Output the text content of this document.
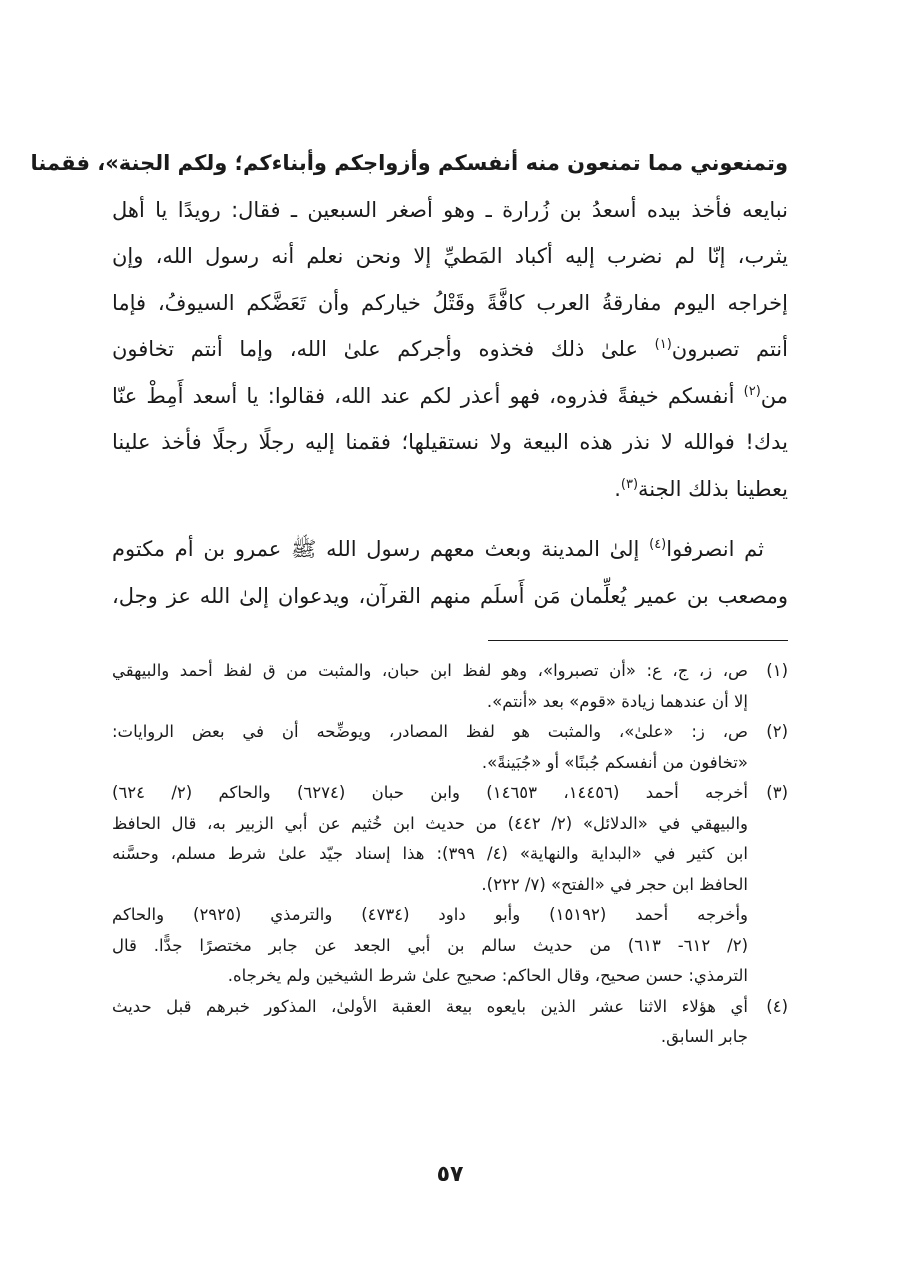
وتمنعوني مما تمنعون منه أنفسكم وأزواجكم وأبناءكم؛ ولكم الجنة»، فقمنا
نبايعه فأخذ بيده أسعدُ بن زُرارة ـ وهو أصغر السبعين ـ فقال: رويدًا يا أهل
يثرب، إنّا لم نضرب إليه أكباد المَطيِّ إلا ونحن نعلم أنه رسول الله، وإن
إخراجه اليوم مفارقةُ العرب كافَّةً وقَتْلُ خياركم وأن تَعَضَّكم السيوفُ، فإما
أنتم تصبرون$^{(١)}$ علىٰ ذلك فخذوه وأجركم علىٰ الله، وإما أنتم تخافون
من$^{(٢)}$ أنفسكم خيفةً فذروه، فهو أعذر لكم عند الله، فقالوا: يا أسعد أَمِطْ عنّا
يدك! فوالله لا نذر هذه البيعة ولا نستقيلها؛ فقمنا إليه رجلًا رجلًا فأخذ علينا
يعطينا بذلك الجنة$^{(٣)}$.
ثم انصرفوا$^{(٤)}$ إلىٰ المدينة وبعث معهم رسول الله ﷺ عمرو بن أم مكتوم
ومصعب بن عمير يُعلِّمان مَن أَسلَم منهم القرآن، ويدعوان إلىٰ الله عز وجل،
(١)
ص، ز، ج، ع: «أن تصبروا»، وهو لفظ ابن حبان، والمثبت من ق لفظ أحمد والبيهقي
إلا أن عندهما زيادة «قوم» بعد «أنتم».
(٢)
ص، ز: «علىٰ»، والمثبت هو لفظ المصادر، ويوضِّحه أن في بعض الروايات:
«تخافون من أنفسكم جُبنًا» أو «جُبَينةً».
(٣)
أخرجه أحمد (١٤٤٥٦، ١٤٦٥٣) وابن حبان (٦٢٧٤) والحاكم (٢/ ٦٢٤)
والبيهقي في «الدلائل» (٢/ ٤٤٢) من حديث ابن خُثيم عن أبي الزبير به، قال الحافظ
ابن كثير في «البداية والنهاية» (٤/ ٣٩٩): هذا إسناد جيّد علىٰ شرط مسلم، وحسَّنه
الحافظ ابن حجر في «الفتح» (٧/ ٢٢٢).
وأخرجه أحمد (١٥١٩٢) وأبو داود (٤٧٣٤) والترمذي (٢٩٢٥) والحاكم
(٢/ ٦١٢- ٦١٣) من حديث سالم بن أبي الجعد عن جابر مختصرًا جدًّا. قال
الترمذي: حسن صحيح، وقال الحاكم: صحيح علىٰ شرط الشيخين ولم يخرجاه.
(٤)
أي هؤلاء الاثنا عشر الذين بايعوه بيعة العقبة الأولىٰ، المذكور خبرهم قبل حديث
جابر السابق.
٥٧
